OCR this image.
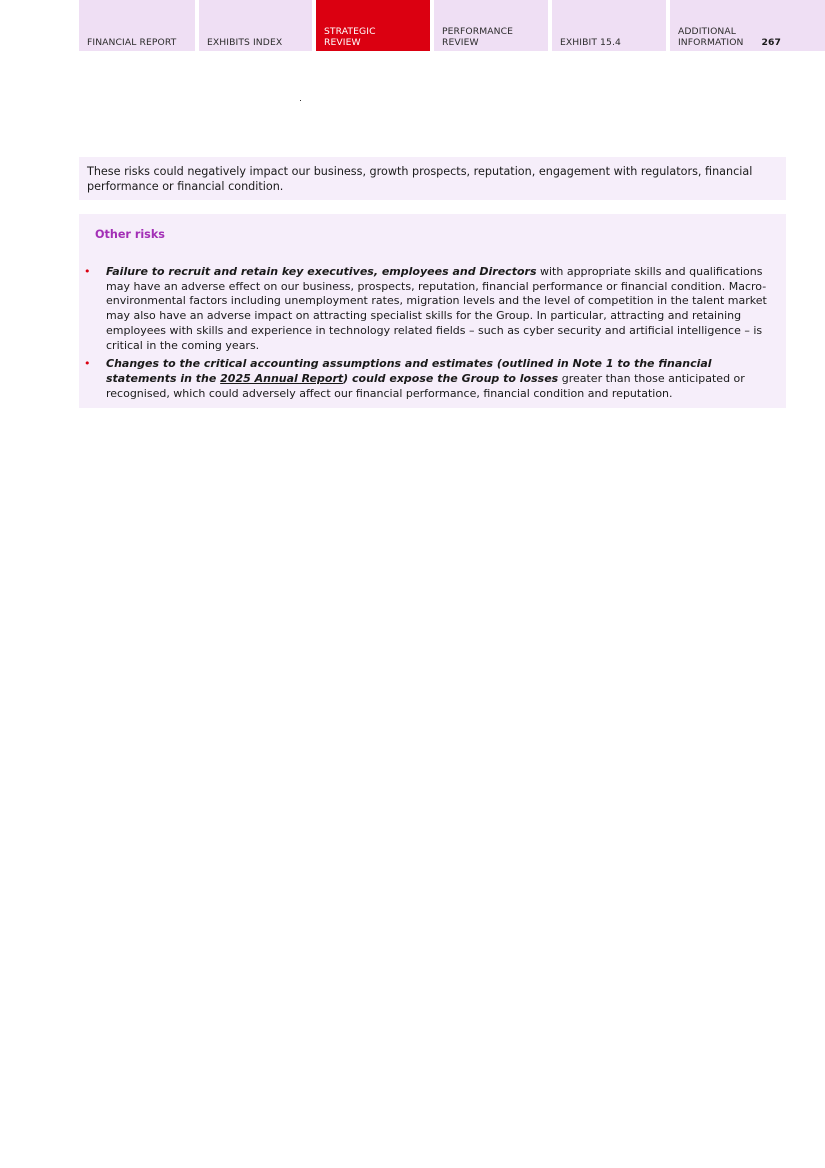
FINANCIAL REPORT	EXHIBITS INDEX
STRATEGIC
REVIEW
PERFORMANCE
REVIEW	EXHIBIT 15.4
ADDITIONAL
INFORMATION 267

These risks could negatively impact our business, growth prospects, reputation, engagement with regulators, financial performance or financial condition.

Other risks
• Failure to recruit and retain key executives, employees and Directors with appropriate skills and qualifications may have an adverse effect on our business, prospects, reputation, financial performance or financial condition. Macro-environmental factors including unemployment rates, migration levels and the level of competition in the talent market may also have an adverse impact on attracting specialist skills for the Group. In particular, attracting and retaining employees with skills and experience in technology related fields – such as cyber security and artificial intelligence – is critical in the coming years.
• Changes to the critical accounting assumptions and estimates (outlined in Note 1 to the financial statements in the 2025 Annual Report) could expose the Group to losses greater than those anticipated or recognised, which could adversely affect our financial performance, financial condition and reputation.
